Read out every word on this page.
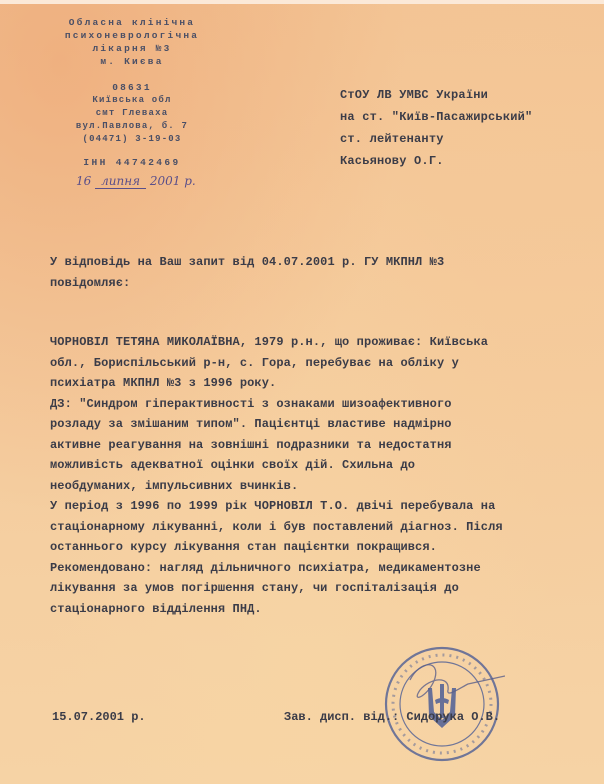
Обласна клінічна
психоневрологічна
лікарня №3
м. Києва
08631
Київська обл
смт Глеваха
вул.Павлова, б. 7
(04471) 3-19-03
ІНН 44742469
16 липня 2001 р.
СтОУ ЛВ УМВС України
на ст. "Київ-Пасажирський"
ст. лейтенанту
Касьянову О.Г.
У відповідь на Ваш запит від 04.07.2001 р. ГУ МКПНЛ №3
повідомляє:
ЧОРНОВІЛ ТЕТЯНА МИКОЛАЇВНА, 1979 р.н., що проживає: Київська
обл., Бориспільський р-н, с. Гора, перебуває на обліку у
психіатра МКПНЛ №3 з 1996 року.
ДЗ: "Синдром гіперактивності з ознаками шизоафективного
розладу за змішаним типом". Пацієнтці властиве надмірно
активне реагування на зовнішні подразники та недостатня
можливість адекватної оцінки своїх дій. Схильна до
необдуманих, імпульсивних вчинків.
У період з 1996 по 1999 рік ЧОРНОВІЛ Т.О. двічі перебувала на
стаціонарному лікуванні, коли і був поставлений діагноз. Після
останнього курсу лікування стан пацієнтки покращився.
Рекомендовано: нагляд дільничного психіатра, медикаментозне
лікування за умов погіршення стану, чи госпіталізація до
стаціонарного відділення ПНД.
15.07.2001 р.	Зав. дисп. від.: Сидорука О.В.
